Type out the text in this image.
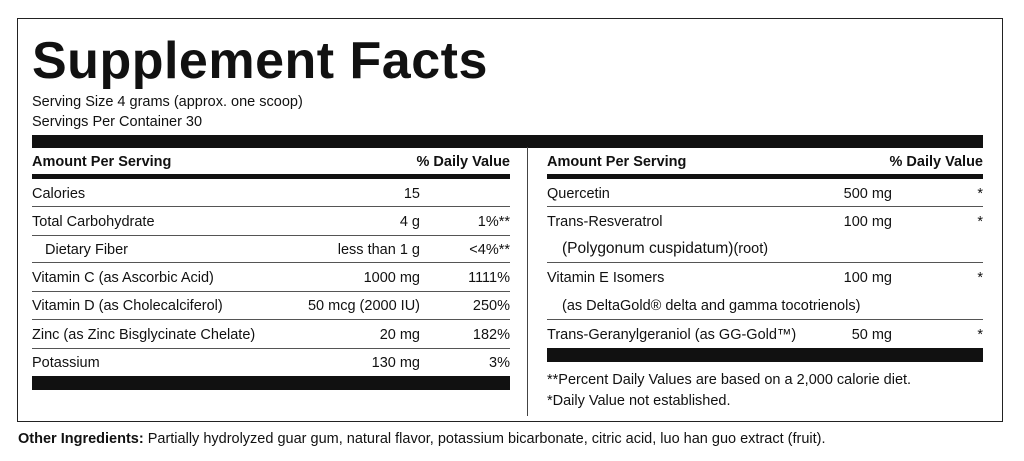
Supplement Facts
Serving Size 4 grams (approx. one scoop)
Servings Per Container 30
Amount Per Serving	% Daily Value
Calories	15
Total Carbohydrate	4 g	1%**
Dietary Fiber	less than 1 g	<4%**
Vitamin C (as Ascorbic Acid)	1000 mg	1111%
Vitamin D (as Cholecalciferol)	50 mcg (2000 IU)	250%
Zinc (as Zinc Bisglycinate Chelate)	20 mg	182%
Potassium	130 mg	3%
Amount Per Serving	% Daily Value
Quercetin	500 mg	*
Trans-Resveratrol	100 mg	*
(Polygonum cuspidatum)(root)
Vitamin E Isomers	100 mg	*
(as DeltaGold® delta and gamma tocotrienols)
Trans-Geranylgeraniol (as GG-Gold™)	50 mg	*
**Percent Daily Values are based on a 2,000 calorie diet.
*Daily Value not established.
Other Ingredients: Partially hydrolyzed guar gum, natural flavor, potassium bicarbonate, citric acid, luo han guo extract (fruit).
